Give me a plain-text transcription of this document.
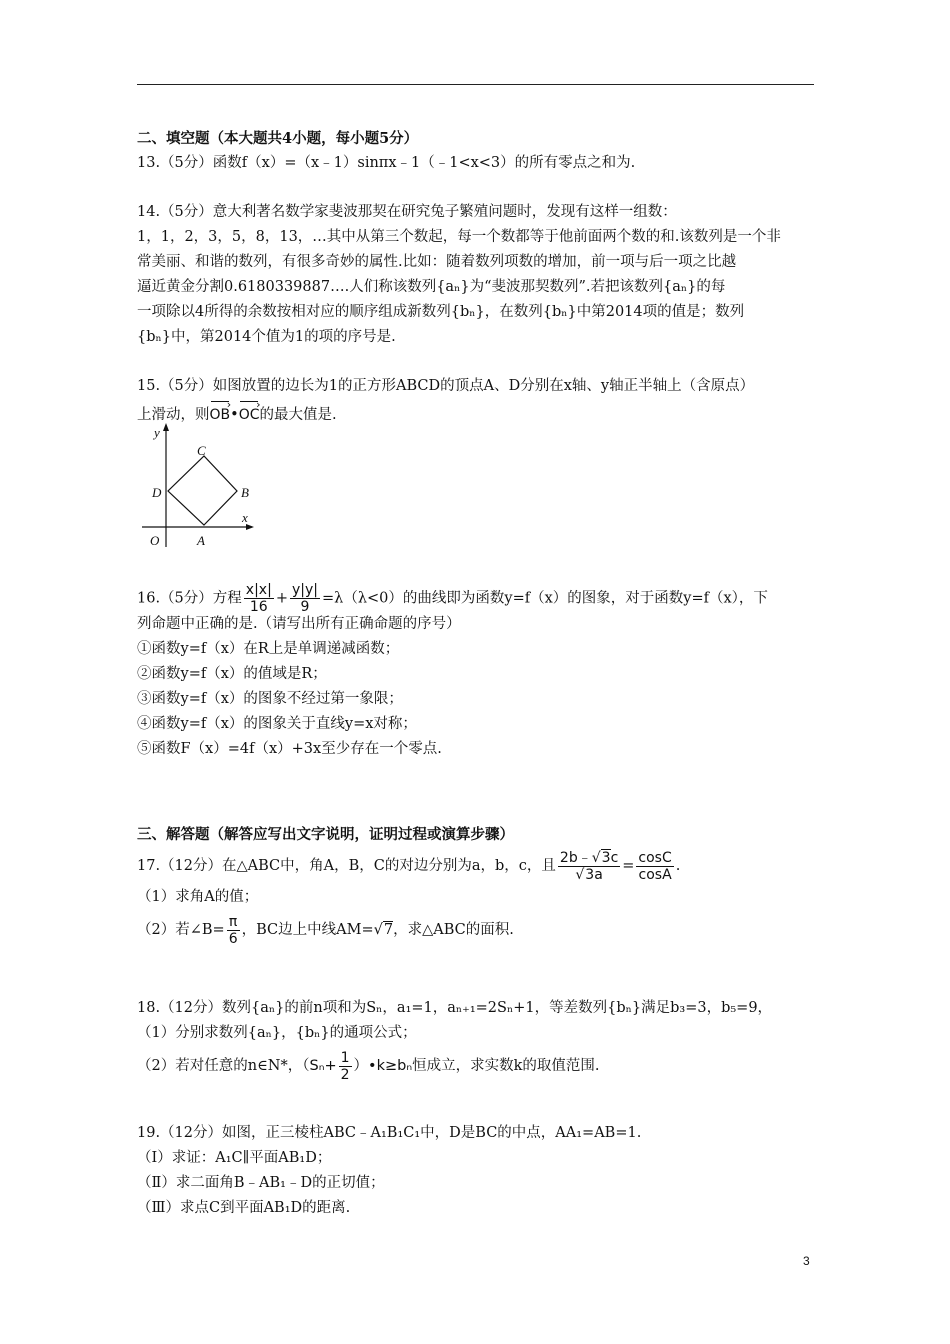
二、填空题（本大题共4小题，每小题5分）
13.（5分）函数f（x）=（x﹣1）sinπx﹣1（﹣1<x<3）的所有零点之和为.
14.（5分）意大利著名数学家斐波那契在研究兔子繁殖问题时，发现有这样一组数：
1，1，2，3，5，8，13，…其中从第三个数起，每一个数都等于他前面两个数的和.该数列是一个非
常美丽、和谐的数列，有很多奇妙的属性.比如：随着数列项数的增加，前一项与后一项之比越
逼近黄金分割0.6180339887….人们称该数列{aₙ}为“斐波那契数列”.若把该数列{aₙ}的每
一项除以4所得的余数按相对应的顺序组成新数列{bₙ}，在数列{bₙ}中第2014项的值是；数列
{bₙ}中，第2014个值为1的项的序号是.
15.（5分）如图放置的边长为1的正方形ABCD的顶点A、D分别在x轴、y轴正半轴上（含原点）
上滑动，则OB ›•OC ›的最大值是.
y
x
O	A
B
C
D
16.（5分）方程 $\frac{x|x|}{16} + \frac{y|y|}{9} =\lambda(\lambda<0)$的曲线即为函数y=f（x）的图象，对于函数y=f（x），下
列命题中正确的是.（请写出所有正确命题的序号）
①函数y=f（x）在R上是单调递减函数；
②函数y=f（x）的值域是R；
③函数y=f（x）的图象不经过第一象限；
④函数y=f（x）的图象关于直线y=x对称；
⑤函数F（x）=4f（x）+3x至少存在一个零点.
三、解答题（解答应写出文字说明，证明过程或演算步骤）
17.（12分）在△ABC中，角A，B，C的对边分别为a，b，c，且 $\frac{2b﹣√3c}{√3a} = \frac{\cos C}{\cos A}$ .
（1）求角A的值；
（2）若∠B= $\frac{\pi}{6}$ ，BC边上中线AM=√7，求△ABC的面积.
18.（12分）数列{aₙ}的前n项和为Sₙ，a₁=1，aₙ₊₁=2Sₙ+1，等差数列{bₙ}满足b₃=3，b₅=9，
（1）分别求数列{aₙ}，{bₙ}的通项公式；
（2）若对任意的n∈N*，（$S_n+ \frac{1}{2}$ ）•k≥bₙ恒成立，求实数k的取值范围.
19.（12分）如图，正三棱柱ABC﹣A₁B₁C₁中，D是BC的中点，AA₁=AB=1.
（Ⅰ）求证：A₁C∥平面AB₁D；
（Ⅱ）求二面角B﹣AB₁﹣D的正切值；
（Ⅲ）求点C到平面AB₁D的距离.
3
